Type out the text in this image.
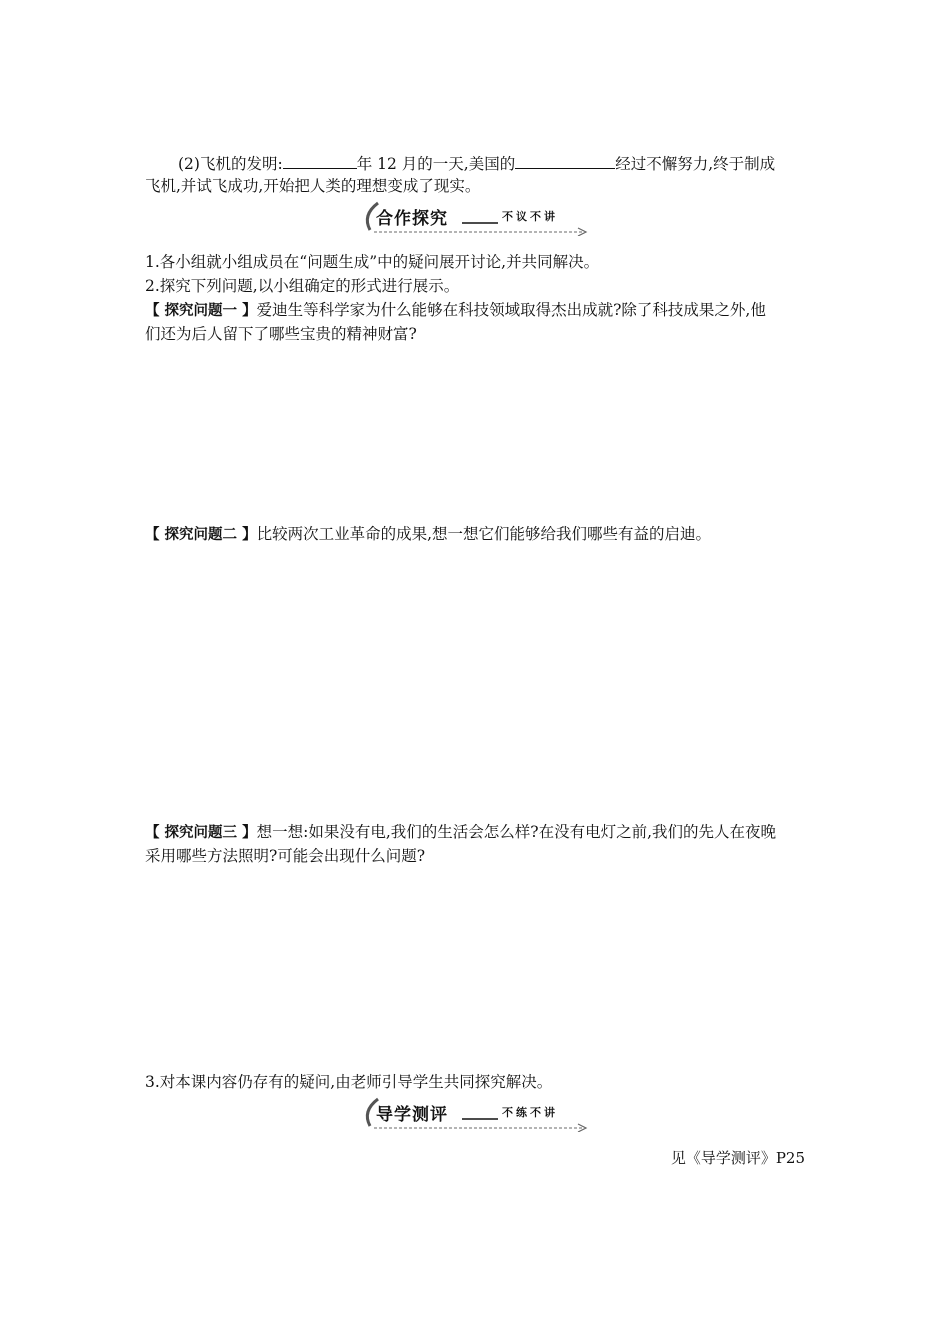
(2)飞机的发明:	年 12 月的一天,美国的	经过不懈努力,终于制成
飞机,并试飞成功,开始把人类的理想变成了现实。
合作探究	不议不讲
1.各小组就小组成员在“问题生成”中的疑问展开讨论,并共同解决。
2.探究下列问题,以小组确定的形式进行展示。
【 探究问题一 】爱迪生等科学家为什么能够在科技领域取得杰出成就?除了科技成果之外,他
们还为后人留下了哪些宝贵的精神财富?
【 探究问题二 】比较两次工业革命的成果,想一想它们能够给我们哪些有益的启迪。
【 探究问题三 】想一想:如果没有电,我们的生活会怎么样?在没有电灯之前,我们的先人在夜晚
采用哪些方法照明?可能会出现什么问题?
3.对本课内容仍存有的疑问,由老师引导学生共同探究解决。
导学测评	不练不讲
见《导学测评》P25
